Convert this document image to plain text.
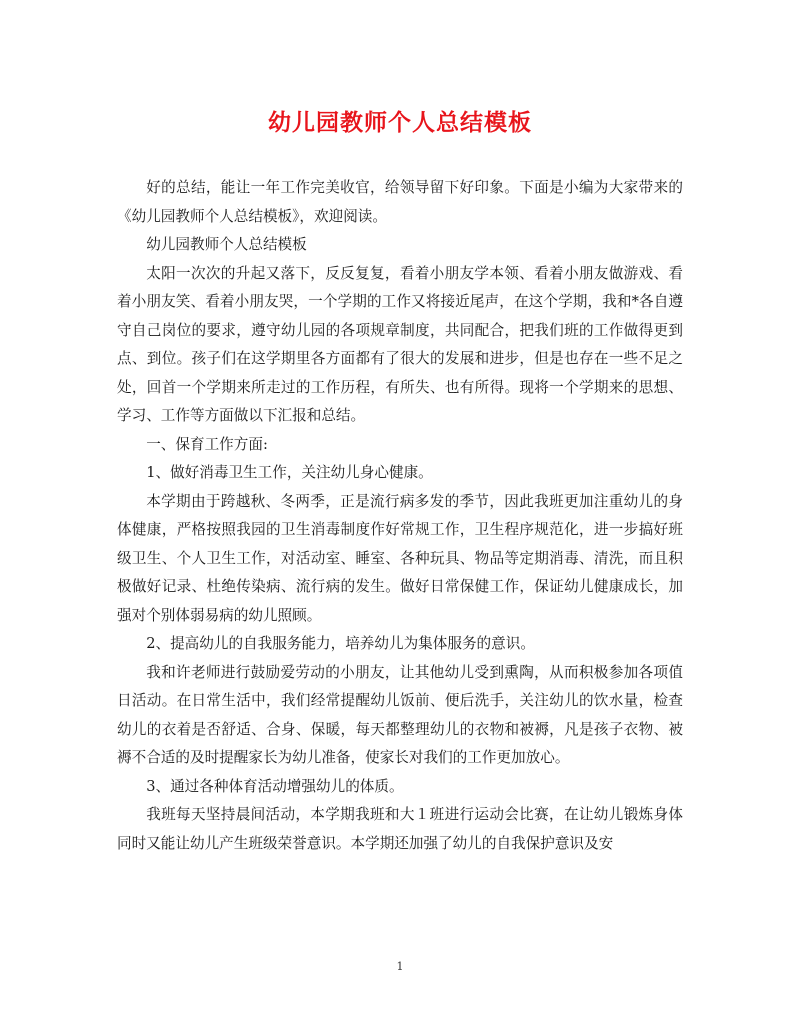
幼儿园教师个人总结模板

好的总结，能让一年工作完美收官，给领导留下好印象。下面是小编为大家带来的《幼儿园教师个人总结模板》，欢迎阅读。

幼儿园教师个人总结模板

太阳一次次的升起又落下，反反复复，看着小朋友学本领、看着小朋友做游戏、看着小朋友笑、看着小朋友哭，一个学期的工作又将接近尾声，在这个学期，我和*各自遵守自己岗位的要求，遵守幼儿园的各项规章制度，共同配合，把我们班的工作做得更到点、到位。孩子们在这学期里各方面都有了很大的发展和进步，但是也存在一些不足之处，回首一个学期来所走过的工作历程，有所失、也有所得。现将一个学期来的思想、学习、工作等方面做以下汇报和总结。

一、保育工作方面:

1、做好消毒卫生工作，关注幼儿身心健康。

本学期由于跨越秋、冬两季，正是流行病多发的季节，因此我班更加注重幼儿的身体健康，严格按照我园的卫生消毒制度作好常规工作，卫生程序规范化，进一步搞好班级卫生、个人卫生工作，对活动室、睡室、各种玩具、物品等定期消毒、清洗，而且积极做好记录、杜绝传染病、流行病的发生。做好日常保健工作，保证幼儿健康成长，加强对个别体弱易病的幼儿照顾。

2、提高幼儿的自我服务能力，培养幼儿为集体服务的意识。

我和许老师进行鼓励爱劳动的小朋友，让其他幼儿受到熏陶，从而积极参加各项值日活动。在日常生活中，我们经常提醒幼儿饭前、便后洗手，关注幼儿的饮水量，检查幼儿的衣着是否舒适、合身、保暖，每天都整理幼儿的衣物和被褥，凡是孩子衣物、被褥不合适的及时提醒家长为幼儿准备，使家长对我们的工作更加放心。

3、通过各种体育活动增强幼儿的体质。

我班每天坚持晨间活动，本学期我班和大１班进行运动会比赛，在让幼儿锻炼身体同时又能让幼儿产生班级荣誉意识。本学期还加强了幼儿的自我保护意识及安

1
